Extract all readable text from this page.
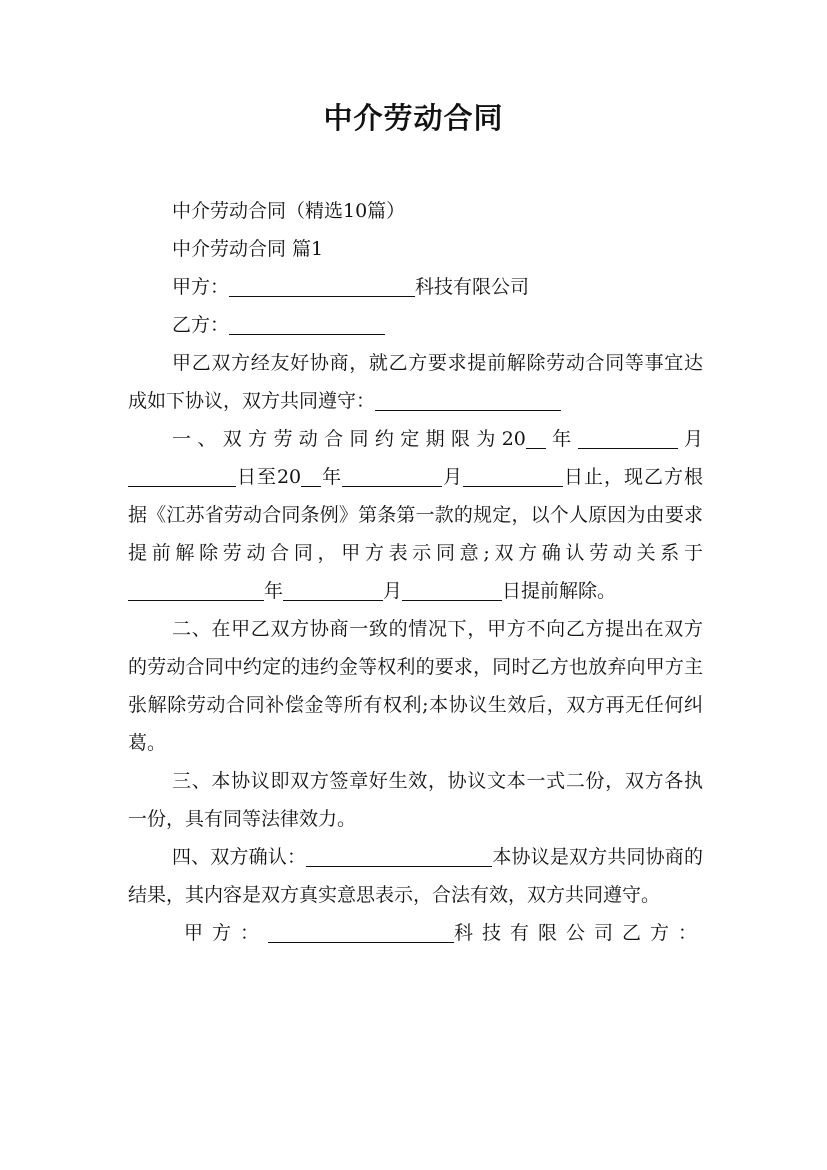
中介劳动合同

中介劳动合同（精选10篇）

中介劳动合同 篇1

甲方：	科技有限公司

乙方：

甲乙双方经友好协商，就乙方要求提前解除劳动合同等事宜达成如下协议，双方共同遵守：

一、双方劳动合同约定期限为20 年	月日至20 年	月	日止，现乙方根据《江苏省劳动合同条例》第条第一款的规定，以个人原因为由要求提前解除劳动合同，甲方表示同意;双方确认劳动关系于年	月	日提前解除。

二、在甲乙双方协商一致的情况下，甲方不向乙方提出在双方的劳动合同中约定的违约金等权利的要求，同时乙方也放弃向甲方主张解除劳动合同补偿金等所有权利;本协议生效后，双方再无任何纠葛。

三、本协议即双方签章好生效，协议文本一式二份，双方各执一份，具有同等法律效力。

四、双方确认：	本协议是双方共同协商的结果，其内容是双方真实意思表示，合法有效，双方共同遵守。

甲方：	科技有限公司乙方：
